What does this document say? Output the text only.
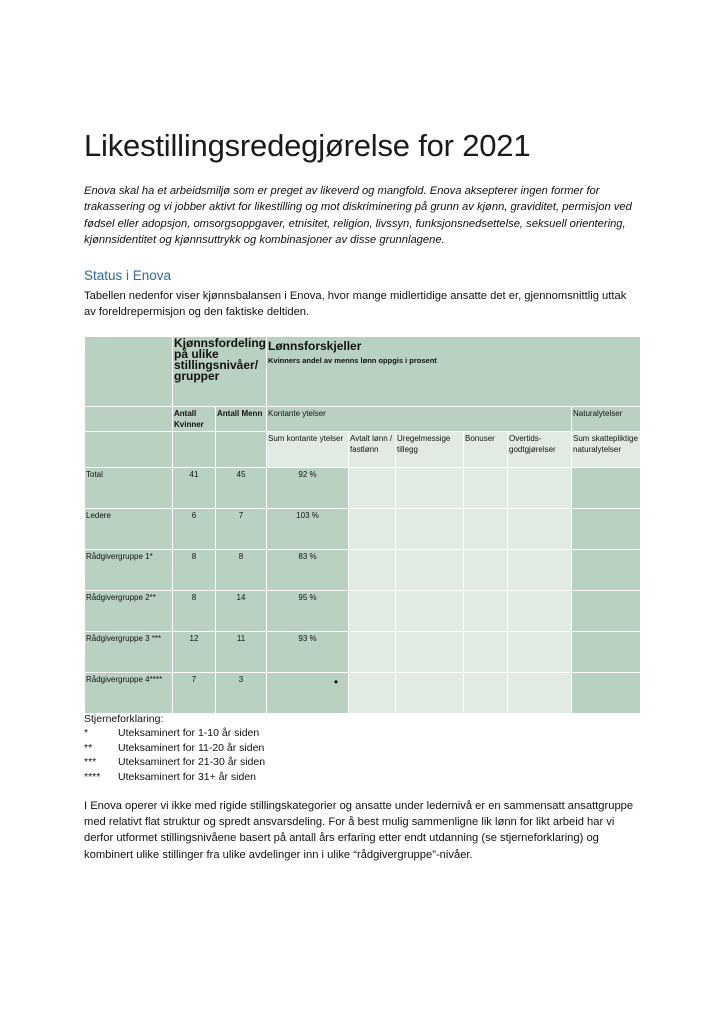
Likestillingsredegjørelse for 2021

Enova skal ha et arbeidsmiljø som er preget av likeverd og mangfold. Enova aksepterer ingen former for trakassering og vi jobber aktivt for likestilling og mot diskriminering på grunn av kjønn, graviditet, permisjon ved fødsel eller adopsjon, omsorgsoppgaver, etnisitet, religion, livssyn, funksjonsnedsettelse, seksuell orientering, kjønnsidentitet og kjønnsuttrykk og kombinasjoner av disse grunnlagene.

Status i Enova

Tabellen nedenfor viser kjønnsbalansen i Enova, hvor mange midlertidige ansatte det er, gjennomsnittlig uttak av foreldrepermisjon og den faktiske deltiden.

	Kjønnsfordeling på ulike stillingsnivåer/ grupper		Lønnsforskjeller
Kvinners andel av menns lønn oppgis i prosent					

	Antall Kvinner	Antall Menn	Kontante ytelser					Naturalytelser
			Sum kontante ytelser	Avtalt lønn / fastlønn	Uregelmessige tillegg	Bonuser	Overtids-godtgjørelser	Sum skattepliktige naturalytelser
Total	41	45	92 %					
Ledere	6	7	103 %					
Rådgivergruppe 1*	8	8	83 %					
Rådgivergruppe 2**	8	14	95 %					
Rådgivergruppe 3 ***	12	11	93 %					
Rådgivergruppe 4****	7	3	•					
Stjerneforklaring:
*	Uteksaminert for 1-10 år siden
**	Uteksaminert for 11-20 år siden
***	Uteksaminert for 21-30 år siden
****	Uteksaminert for 31+ år siden

I Enova operer vi ikke med rigide stillingskategorier og ansatte under ledernivå er en sammensatt ansattgruppe med relativt flat struktur og spredt ansvarsdeling. For å best mulig sammenligne lik lønn for likt arbeid har vi derfor utformet stillingsnivåene basert på antall års erfaring etter endt utdanning (se stjerneforklaring) og kombinert ulike stillinger fra ulike avdelinger inn i ulike “rådgivergruppe”-nivåer.
